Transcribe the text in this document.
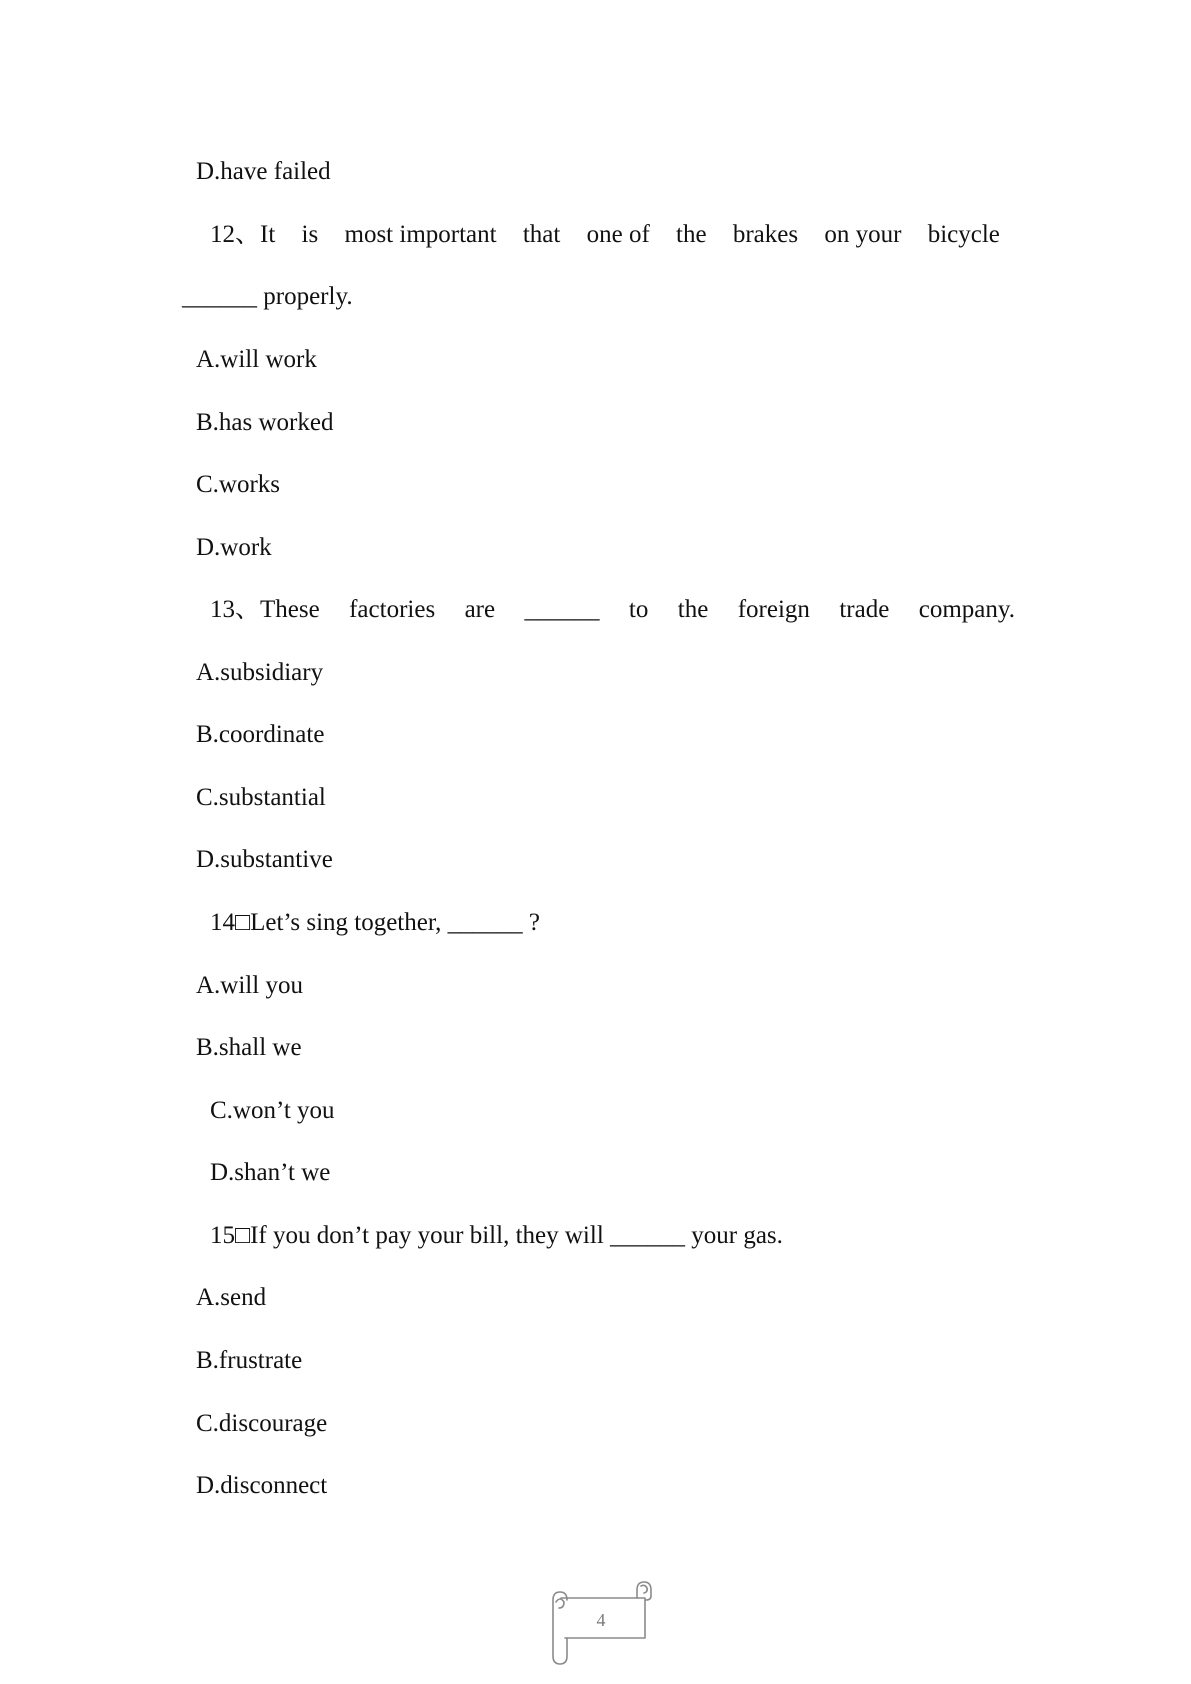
D.have failed
12、It is most important that one of the brakes on your bicycle
______ properly.
A.will work
B.has worked
C.works
D.work
13、These factories are ______ to the foreign trade company.
A.subsidiary
B.coordinate
C.substantial
D.substantive
14□Let’s sing together, ______ ?
A.will you
B.shall we
C.won’t you
D.shan’t we
15□If you don’t pay your bill, they will ______ your gas.
A.send
B.frustrate
C.discourage
D.disconnect
4
